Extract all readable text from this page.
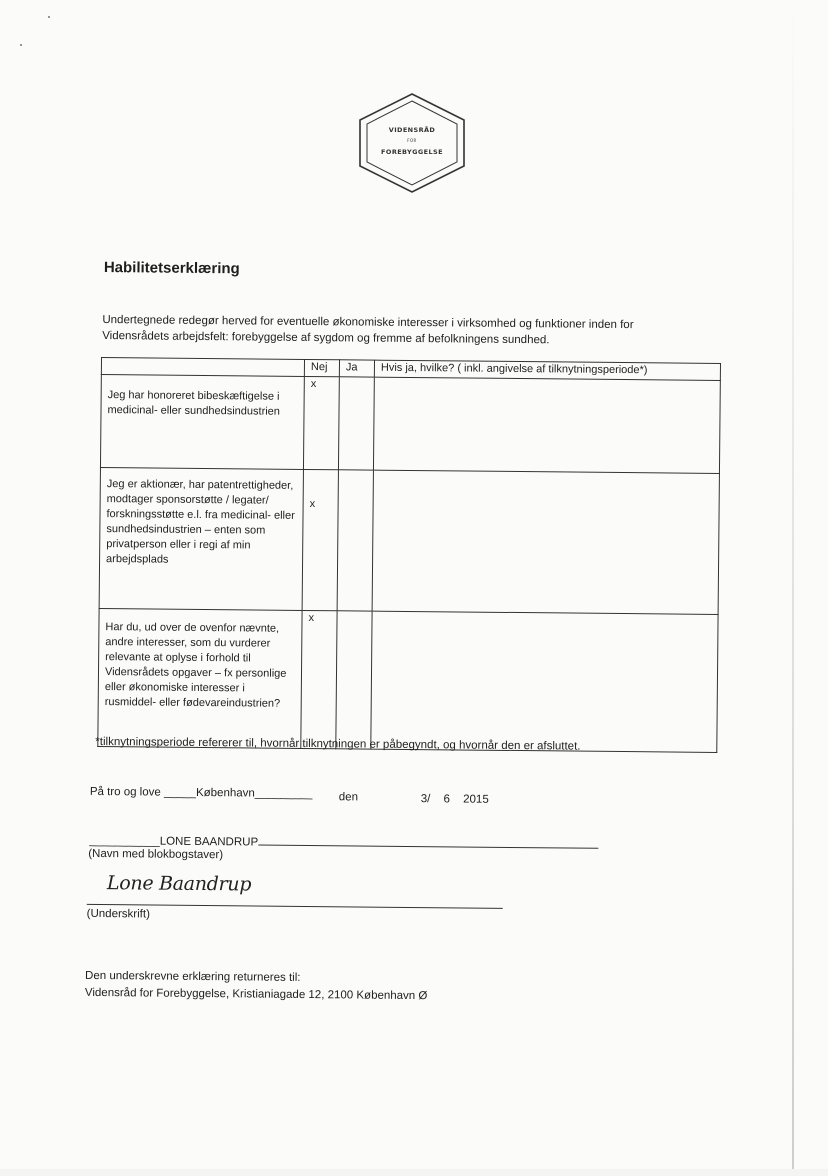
VIDENSRÅD
FOR
FOREBYGGELSE
Habilitetserklæring
Undertegnede redegør herved for eventuelle økonomiske interesser i virksomhed og funktioner inden for Vidensrådets arbejdsfelt: forebyggelse af sygdom og fremme af befolkningens sundhed.
	Nej	Ja	Hvis ja, hvilke? ( inkl. angivelse af tilknytningsperiode*)

Jeg har honoreret bibeskæftigelse i medicinal- eller sundhedsindustrien	x		

Jeg er aktionær, har patentrettigheder, modtager sponsorstøtte / legater/ forskningsstøtte e.l. fra medicinal- eller sundhedsindustrien – enten som privatperson eller i regi af min arbejdsplads	x		

Har du, ud over de ovenfor nævnte, andre interesser, som du vurderer relevante at oplyse i forhold til Vidensrådets opgaver – fx personlige eller økonomiske interesser i rusmiddel- eller fødevareindustrien?	x		

*tilknytningsperiode refererer til, hvornår tilknytningen er påbegyndt, og hvornår den er afsluttet.
På tro og love _____København_________ den	3/ 6 2015
___________LONE BAANDRUP
(Navn med blokbogstaver)
Lone Baandrup
(Underskrift)
Den underskrevne erklæring returneres til:
Vidensråd for Forebyggelse, Kristianiagade 12, 2100 København Ø
